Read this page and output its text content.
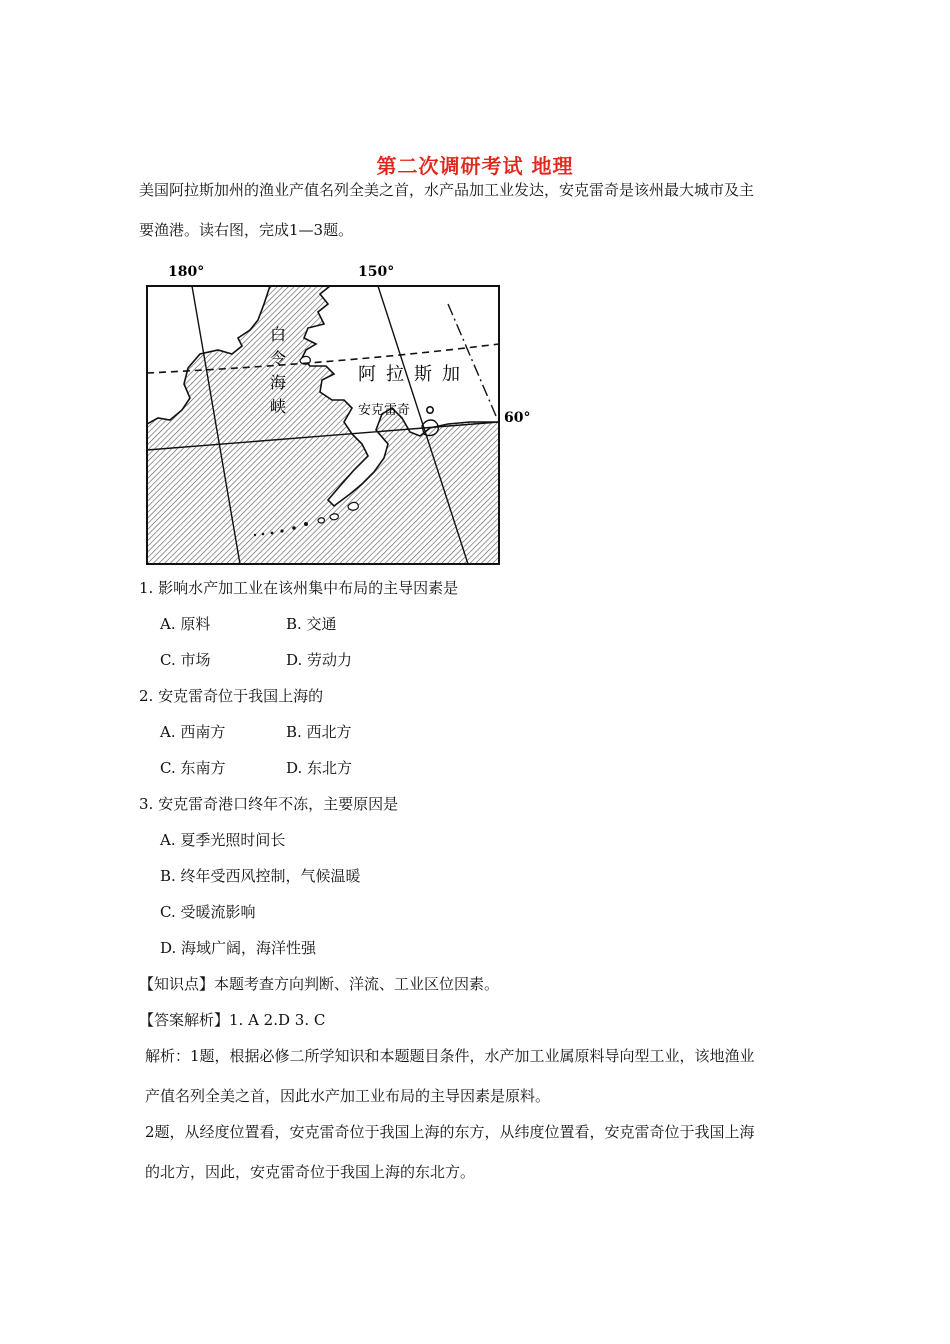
第二次调研考试 地理
美国阿拉斯加州的渔业产值名列全美之首，水产品加工业发达，安克雷奇是该州最大城市及主
要渔港。读右图，完成1—3题。
180°	150°
60°
白
令
海
峡
阿 拉 斯 加
安克雷奇
1. 影响水产加工业在该州集中布局的主导因素是
A. 原料	B. 交通
C. 市场	D. 劳动力
2. 安克雷奇位于我国上海的
A. 西南方	B. 西北方
C. 东南方	D. 东北方
3. 安克雷奇港口终年不冻，主要原因是
A. 夏季光照时间长
B. 终年受西风控制，气候温暖
C. 受暖流影响
D. 海域广阔，海洋性强
【知识点】本题考查方向判断、洋流、工业区位因素。
【答案解析】1. A 2.D 3. C
解析：1题，根据必修二所学知识和本题题目条件，水产加工业属原料导向型工业，该地渔业
产值名列全美之首，因此水产加工业布局的主导因素是原料。
2题，从经度位置看，安克雷奇位于我国上海的东方，从纬度位置看，安克雷奇位于我国上海
的北方，因此，安克雷奇位于我国上海的东北方。
